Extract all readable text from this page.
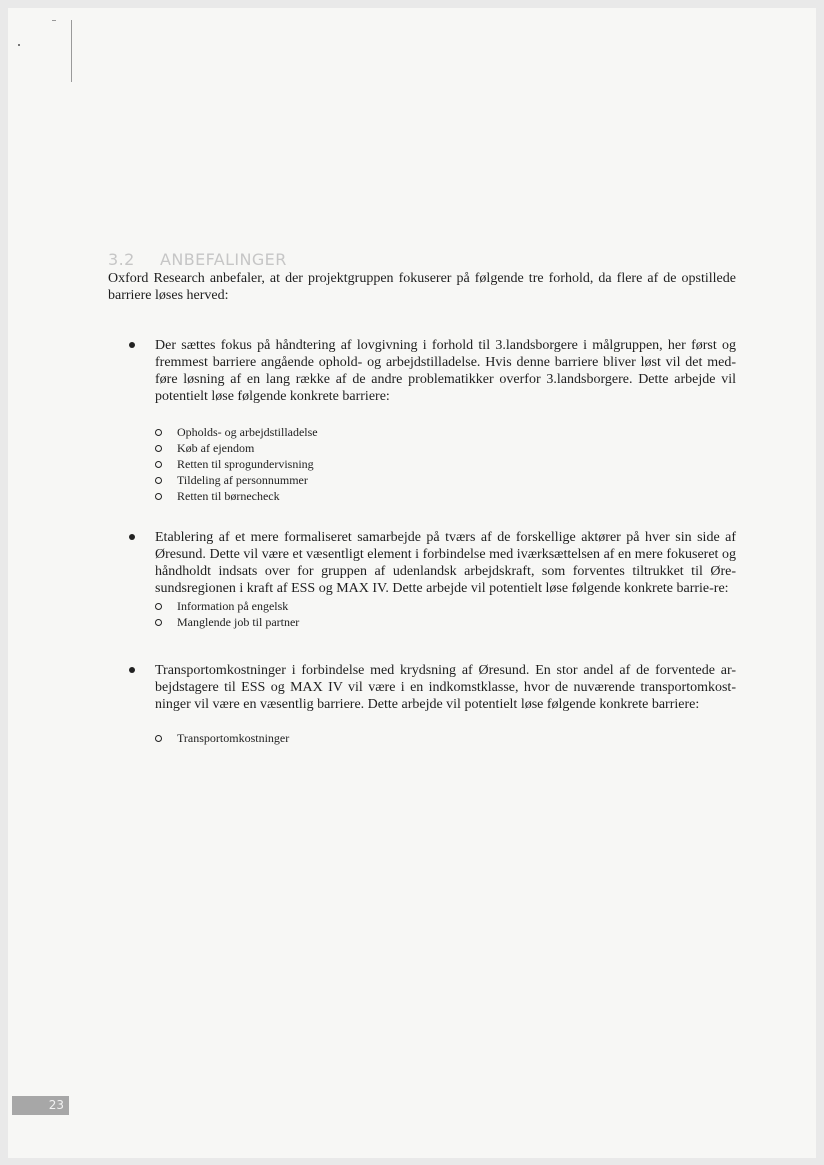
3.2 ANBEFALINGER

Oxford Research anbefaler, at der projektgruppen fokuserer på følgende tre forhold, da flere af de opstillede barriere løses herved:

Der sættes fokus på håndtering af lovgivning i forhold til 3.landsborgere i målgruppen, her først og fremmest barriere angående ophold- og arbejdstilladelse. Hvis denne barriere bliver løst vil det med-føre løsning af en lang række af de andre problematikker overfor 3.landsborgere. Dette arbejde vil potentielt løse følgende konkrete barriere:
Opholds- og arbejdstilladelse
Køb af ejendom
Retten til sprogundervisning
Tildeling af personnummer
Retten til børnecheck
Etablering af et mere formaliseret samarbejde på tværs af de forskellige aktører på hver sin side af Øresund. Dette vil være et væsentligt element i forbindelse med iværksættelsen af en mere fokuseret og håndholdt indsats over for gruppen af udenlandsk arbejdskraft, som forventes tiltrukket til Øre-sundsregionen i kraft af ESS og MAX IV. Dette arbejde vil potentielt løse følgende konkrete barrie-re:
Information på engelsk
Manglende job til partner
Transportomkostninger i forbindelse med krydsning af Øresund. En stor andel af de forventede ar-bejdstagere til ESS og MAX IV vil være i en indkomstklasse, hvor de nuværende transportomkost-ninger vil være en væsentlig barriere. Dette arbejde vil potentielt løse følgende konkrete barriere:
Transportomkostninger
23
